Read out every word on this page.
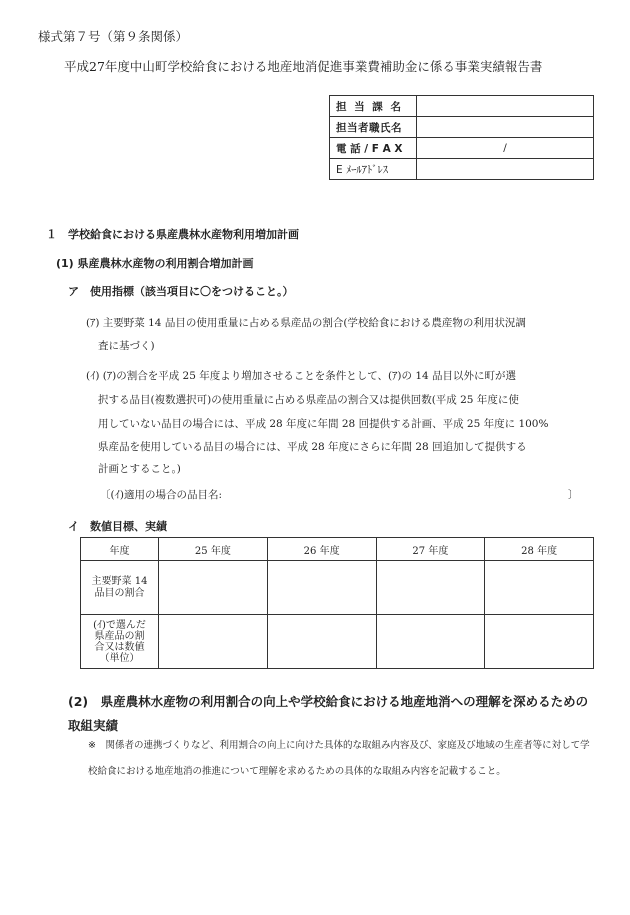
様式第７号（第９条関係）
平成27年度中山町学校給食における地産地消促進事業費補助金に係る事業実績報告書
担 当 課 名	
担当者職氏名	
電 話 / F A X	/
E ﾒｰﾙｱﾄﾞﾚｽ	
１　学校給食における県産農林水産物利用増加計画
(1) 県産農林水産物の利用割合増加計画
ア　使用指標（該当項目に〇をつけること。）
(ｱ) 主要野菜 14 品目の使用重量に占める県産品の割合(学校給食における農産物の利用状況調
査に基づく)
(ｲ) (ｱ)の割合を平成 25 年度より増加させることを条件として、(ｱ)の 14 品目以外に町が選
択する品目(複数選択可)の使用重量に占める県産品の割合又は提供回数(平成 25 年度に使
用していない品目の場合には、平成 28 年度に年間 28 回提供する計画、平成 25 年度に 100%
県産品を使用している品目の場合には、平成 28 年度にさらに年間 28 回追加して提供する
計画とすること。)
〔(ｲ)適用の場合の品目名:	〕
イ　数値目標、実績
年度	25 年度	26 年度	27 年度	28 年度

主要野菜 14
品目の割合				

(ｲ)で選んだ
県産品の割
合又は数値
（単位）				

(2)　県産農林水産物の利用割合の向上や学校給食における地産地消への理解を深めるための取組実績
※　関係者の連携づくりなど、利用割合の向上に向けた具体的な取組み内容及び、家庭及び地域の生産者等に対して学校給食における地産地消の推進について理解を求めるための具体的な取組み内容を記載すること。
